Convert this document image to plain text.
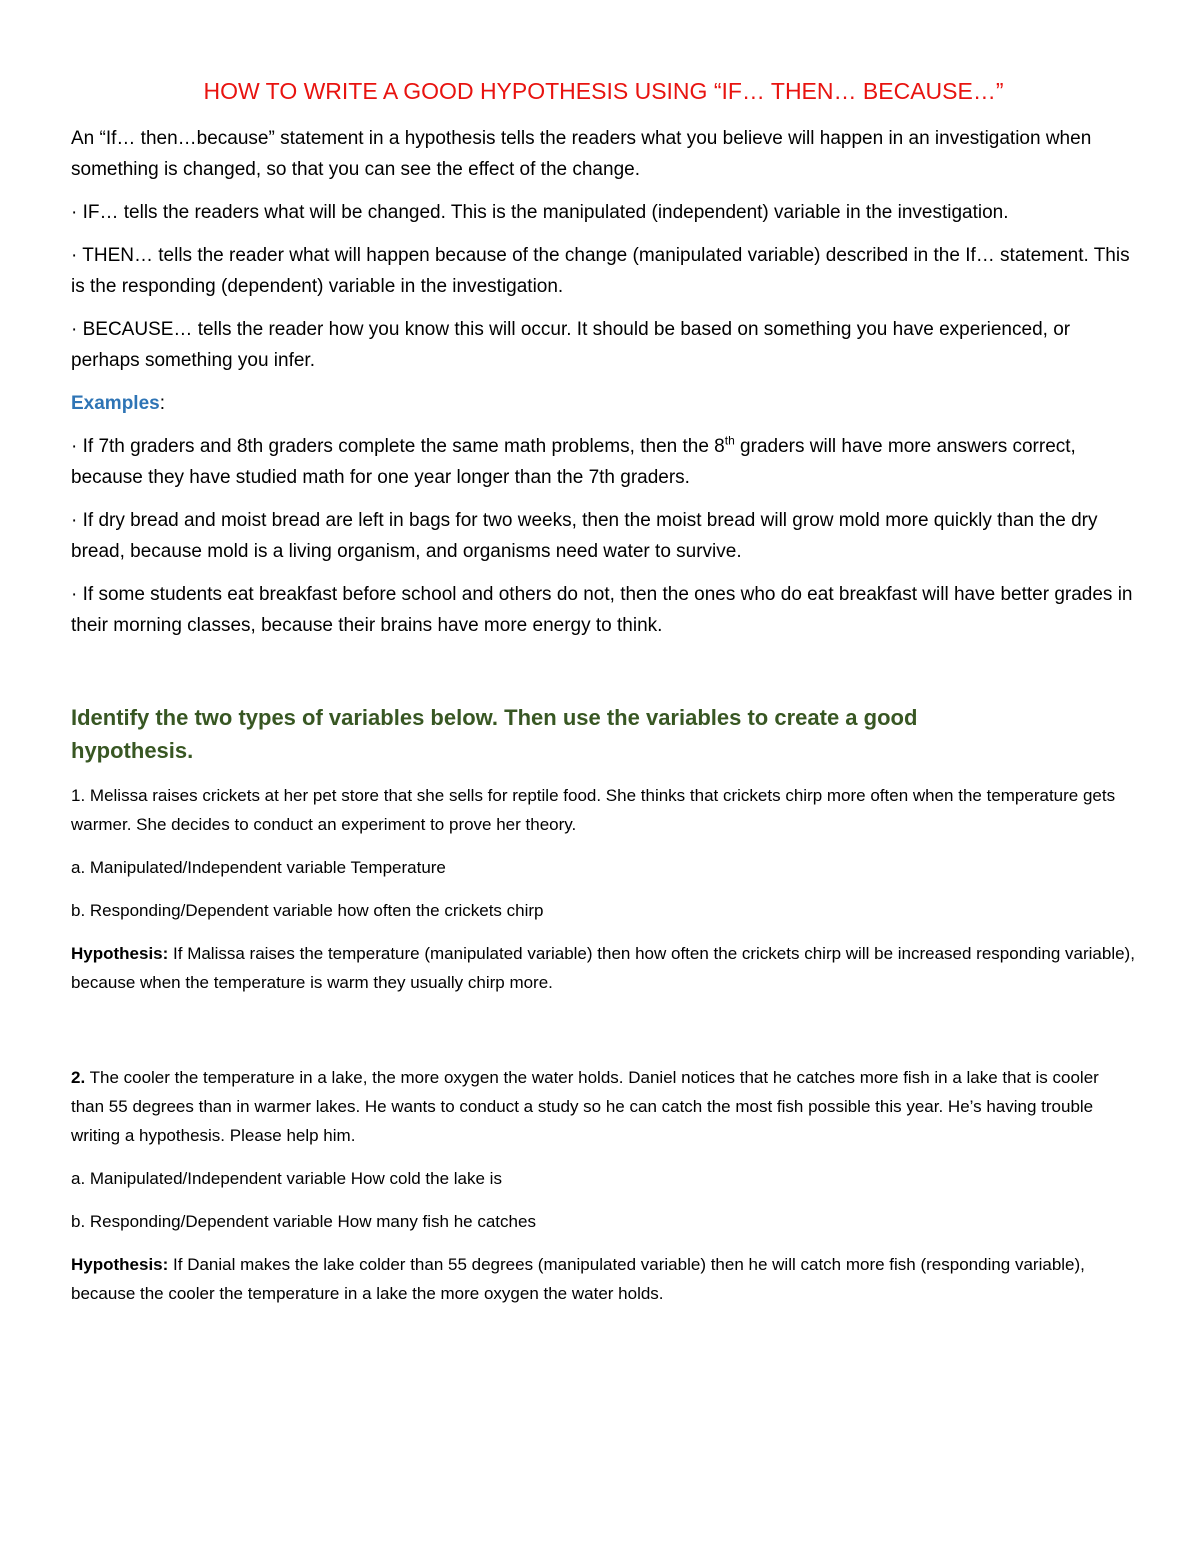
HOW TO WRITE A GOOD HYPOTHESIS USING “IF… THEN… BECAUSE…”

An “If… then…because” statement in a hypothesis tells the readers what you believe will happen in an investigation when something is changed, so that you can see the effect of the change.

· IF… tells the readers what will be changed. This is the manipulated (independent) variable in the investigation.

· THEN… tells the reader what will happen because of the change (manipulated variable) described in the If… statement. This is the responding (dependent) variable in the investigation.

· BECAUSE… tells the reader how you know this will occur. It should be based on something you have experienced, or perhaps something you infer.

Examples:

· If 7th graders and 8th graders complete the same math problems, then the 8th graders will have more answers correct, because they have studied math for one year longer than the 7th graders.

· If dry bread and moist bread are left in bags for two weeks, then the moist bread will grow mold more quickly than the dry bread, because mold is a living organism, and organisms need water to survive.

· If some students eat breakfast before school and others do not, then the ones who do eat breakfast will have better grades in their morning classes, because their brains have more energy to think.

Identify the two types of variables below. Then use the variables to create a good hypothesis.

1. Melissa raises crickets at her pet store that she sells for reptile food. She thinks that crickets chirp more often when the temperature gets warmer. She decides to conduct an experiment to prove her theory.

a. Manipulated/Independent variable Temperature

b. Responding/Dependent variable how often the crickets chirp

Hypothesis: If Malissa raises the temperature (manipulated variable) then how often the crickets chirp will be increased responding variable), because when the temperature is warm they usually chirp more.

2. The cooler the temperature in a lake, the more oxygen the water holds. Daniel notices that he catches more fish in a lake that is cooler than 55 degrees than in warmer lakes. He wants to conduct a study so he can catch the most fish possible this year. He’s having trouble writing a hypothesis. Please help him.

a. Manipulated/Independent variable How cold the lake is

b. Responding/Dependent variable How many fish he catches

Hypothesis: If Danial makes the lake colder than 55 degrees (manipulated variable) then he will catch more fish (responding variable), because the cooler the temperature in a lake the more oxygen the water holds.
